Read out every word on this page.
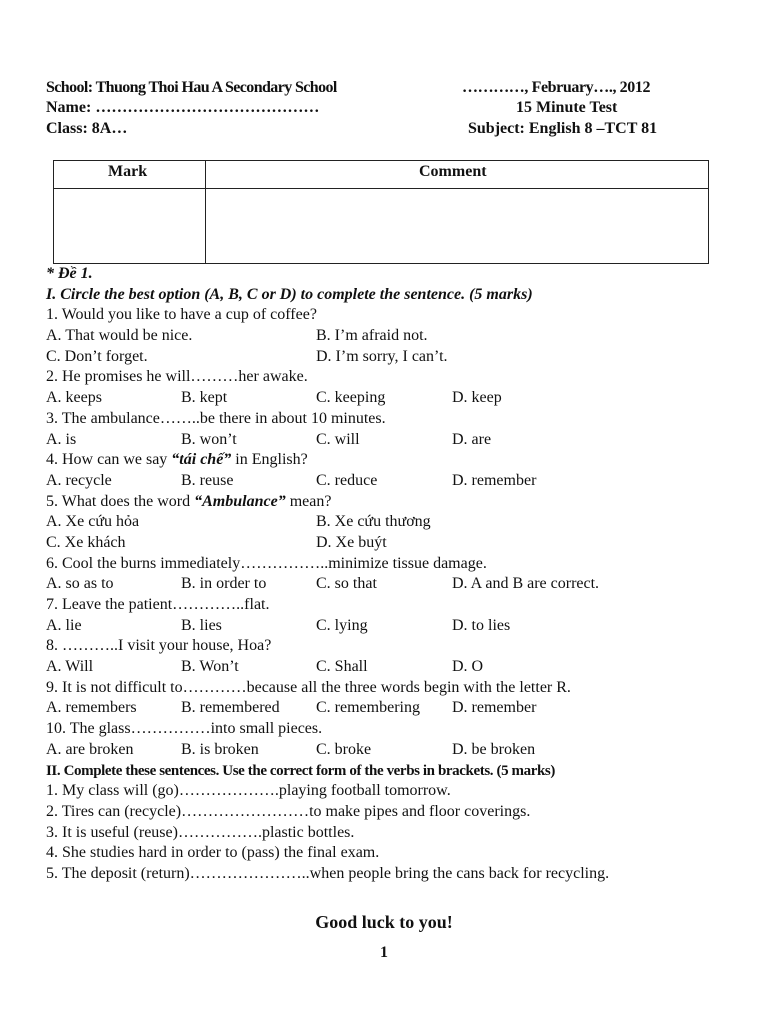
School: Thuong Thoi Hau A Secondary School	…………, February…., 2012
Name: ……………………………………	15 Minute Test
Class: 8A…	Subject: English 8 –TCT 81
Mark	Comment
* Đề 1.
I. Circle the best option (A, B, C or D) to complete the sentence. (5 marks)
1. Would you like to have a cup of coffee?
A. That would be nice.	B. I’m afraid not.
C. Don’t forget.	D. I’m sorry, I can’t.
2. He promises he will………her awake.
A. keeps	B. kept	C. keeping	D. keep
3. The ambulance……..be there in about 10 minutes.
A. is	B. won’t	C. will	D. are
4. How can we say “tái chế” in English?
A. recycle	B. reuse	C. reduce	D. remember
5. What does the word “Ambulance” mean?
A. Xe cứu hỏa	B. Xe cứu thương
C. Xe khách	D. Xe buýt
6. Cool the burns immediately……………..minimize tissue damage.
A. so as to	B. in order to	C. so that	D. A and B are correct.
7. Leave the patient…………..flat.
A. lie	B. lies	C. lying	D. to lies
8. ………..I visit your house, Hoa?
A. Will	B. Won’t	C. Shall	D. O
9. It is not difficult to…………because all the three words begin with the letter R.
A. remembers	B. remembered C. remembering D. remember
10. The glass……………into small pieces.
A. are broken	B. is broken	C. broke	D. be broken
II. Complete these sentences. Use the correct form of the verbs in brackets. (5 marks)
1. My class will (go)……………….playing football tomorrow.
2. Tires can (recycle)……………………to make pipes and floor coverings.
3. It is useful (reuse)…………….plastic bottles.
4. She studies hard in order to (pass) the final exam.
5. The deposit (return)…………………..when people bring the cans back for recycling.
Good luck to you!
1
